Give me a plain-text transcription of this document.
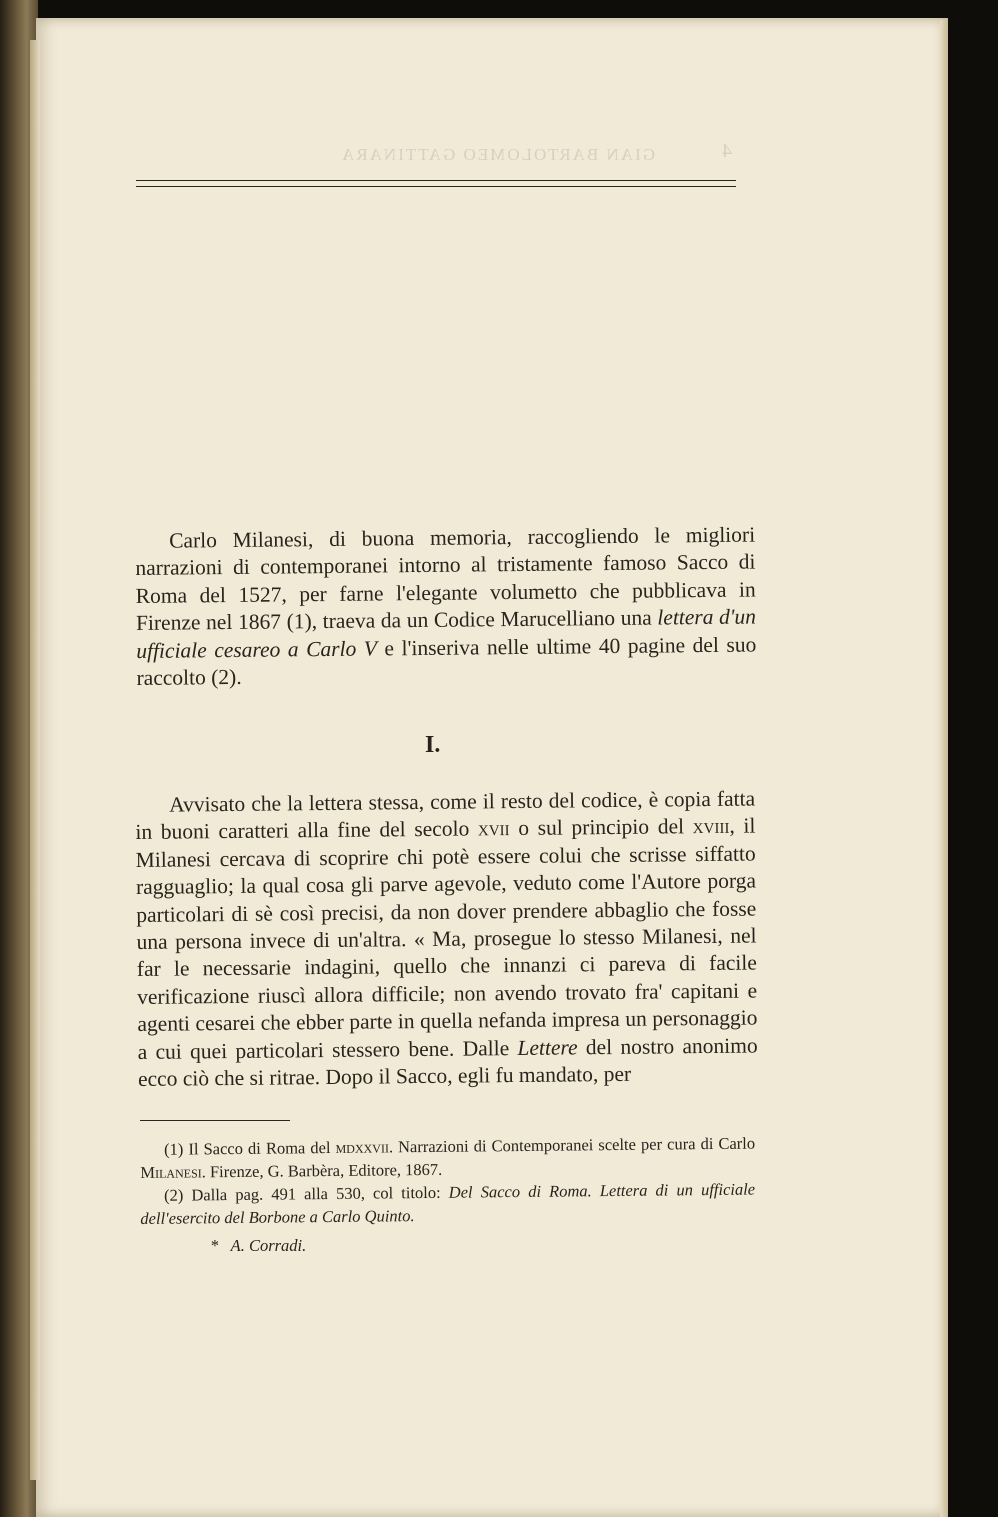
GIAN BARTOLOMEO GATTINARA	4
Carlo Milanesi, di buona memoria, raccogliendo le migliori narrazioni di contemporanei intorno al tristamente famoso Sacco di Roma del 1527, per farne l'elegante volumetto che pubblicava in Firenze nel 1867 (1), traeva da un Codice Marucelliano una lettera d'un ufficiale cesareo a Carlo V e l'inseriva nelle ultime 40 pagine del suo raccolto (2).
I.
Avvisato che la lettera stessa, come il resto del codice, è copia fatta in buoni caratteri alla fine del secolo xvii o sul principio del xviii, il Milanesi cercava di scoprire chi potè essere colui che scrisse siffatto ragguaglio; la qual cosa gli parve agevole, veduto come l'Autore porga particolari di sè così precisi, da non dover prendere abbaglio che fosse una persona invece di un'altra. « Ma, prosegue lo stesso Milanesi, nel far le necessarie indagini, quello che innanzi ci pareva di facile verificazione riuscì allora difficile; non avendo trovato fra' capitani e agenti cesarei che ebber parte in quella nefanda impresa un personaggio a cui quei particolari stessero bene. Dalle Lettere del nostro anonimo ecco ciò che si ritrae. Dopo il Sacco, egli fu mandato, per
(1) Il Sacco di Roma del mdxxvii. Narrazioni di Contemporanei scelte per cura di Carlo Milanesi. Firenze, G. Barbèra, Editore, 1867.
(2) Dalla pag. 491 alla 530, col titolo: Del Sacco di Roma. Lettera di un ufficiale dell'esercito del Borbone a Carlo Quinto.
* A. Corradi.
